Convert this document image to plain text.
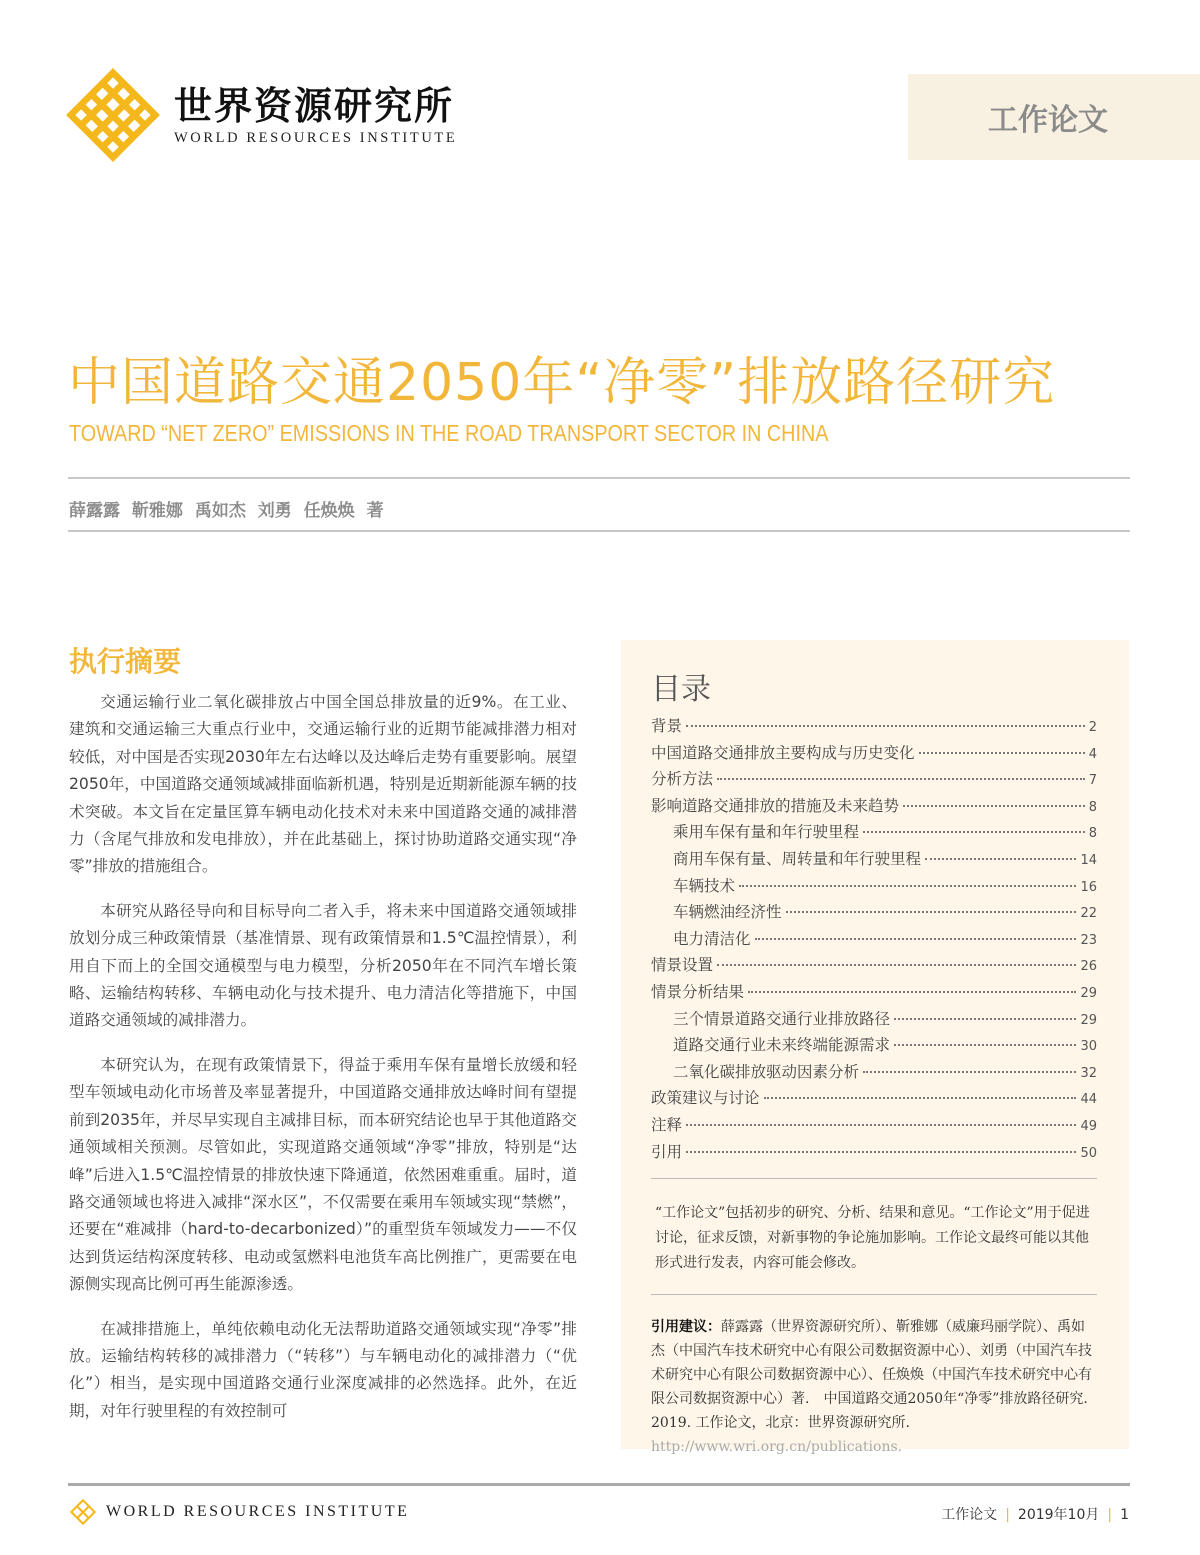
世界资源研究所
WORLD RESOURCES INSTITUTE	工作论文
中国道路交通2050年“净零”排放路径研究
TOWARD “NET ZERO” EMISSIONS IN THE ROAD TRANSPORT SECTOR IN CHINA
薛露露 靳雅娜 禹如杰 刘勇 任焕焕 著
执行摘要

交通运输行业二氧化碳排放占中国全国总排放量的近9%。在工业、建筑和交通运输三大重点行业中，交通运输行业的近期节能减排潜力相对较低，对中国是否实现2030年左右达峰以及达峰后走势有重要影响。展望2050年，中国道路交通领域减排面临新机遇，特别是近期新能源车辆的技术突破。本文旨在定量匡算车辆电动化技术对未来中国道路交通的减排潜力（含尾气排放和发电排放），并在此基础上，探讨协助道路交通实现“净零”排放的措施组合。

本研究从路径导向和目标导向二者入手，将未来中国道路交通领域排放划分成三种政策情景（基准情景、现有政策情景和1.5℃温控情景），利用自下而上的全国交通模型与电力模型，分析2050年在不同汽车增长策略、运输结构转移、车辆电动化与技术提升、电力清洁化等措施下，中国道路交通领域的减排潜力。

本研究认为，在现有政策情景下，得益于乘用车保有量增长放缓和轻型车领域电动化市场普及率显著提升，中国道路交通排放达峰时间有望提前到2035年，并尽早实现自主减排目标，而本研究结论也早于其他道路交通领域相关预测。尽管如此，实现道路交通领域“净零”排放，特别是“达峰”后进入1.5℃温控情景的排放快速下降通道，依然困难重重。届时，道路交通领域也将进入减排“深水区”，不仅需要在乘用车领域实现“禁燃”，还要在“难减排（hard-to-decarbonized）”的重型货车领域发力——不仅达到货运结构深度转移、电动或氢燃料电池货车高比例推广，更需要在电源侧实现高比例可再生能源渗透。

在减排措施上，单纯依赖电动化无法帮助道路交通领域实现“净零”排放。运输结构转移的减排潜力（“转移”）与车辆电动化的减排潜力（“优化”）相当，是实现中国道路交通行业深度减排的必然选择。此外，在近期，对年行驶里程的有效控制可

目录
背景	2
中国道路交通排放主要构成与历史变化	4
分析方法	7
影响道路交通排放的措施及未来趋势	8
乘用车保有量和年行驶里程	8
商用车保有量、周转量和年行驶里程	14
车辆技术	16
车辆燃油经济性	22
电力清洁化	23
情景设置	26
情景分析结果	29
三个情景道路交通行业排放路径	29
道路交通行业未来终端能源需求	30
二氧化碳排放驱动因素分析	32
政策建议与讨论	44
注释	49
引用	50
“工作论文”包括初步的研究、分析、结果和意见。“工作论文”用于促进讨论，征求反馈，对新事物的争论施加影响。工作论文最终可能以其他形式进行发表，内容可能会修改。
引用建议：薛露露（世界资源研究所）、靳雅娜（威廉玛丽学院）、禹如杰（中国汽车技术研究中心有限公司数据资源中心）、刘勇（中国汽车技术研究中心有限公司数据资源中心）、任焕焕（中国汽车技术研究中心有限公司数据资源中心）著.　中国道路交通2050年“净零”排放路径研究. 2019. 工作论文，北京：世界资源研究所. http://www.wri.org.cn/publications.
WORLD RESOURCES INSTITUTE	工作论文 | 2019年10月 | 1
